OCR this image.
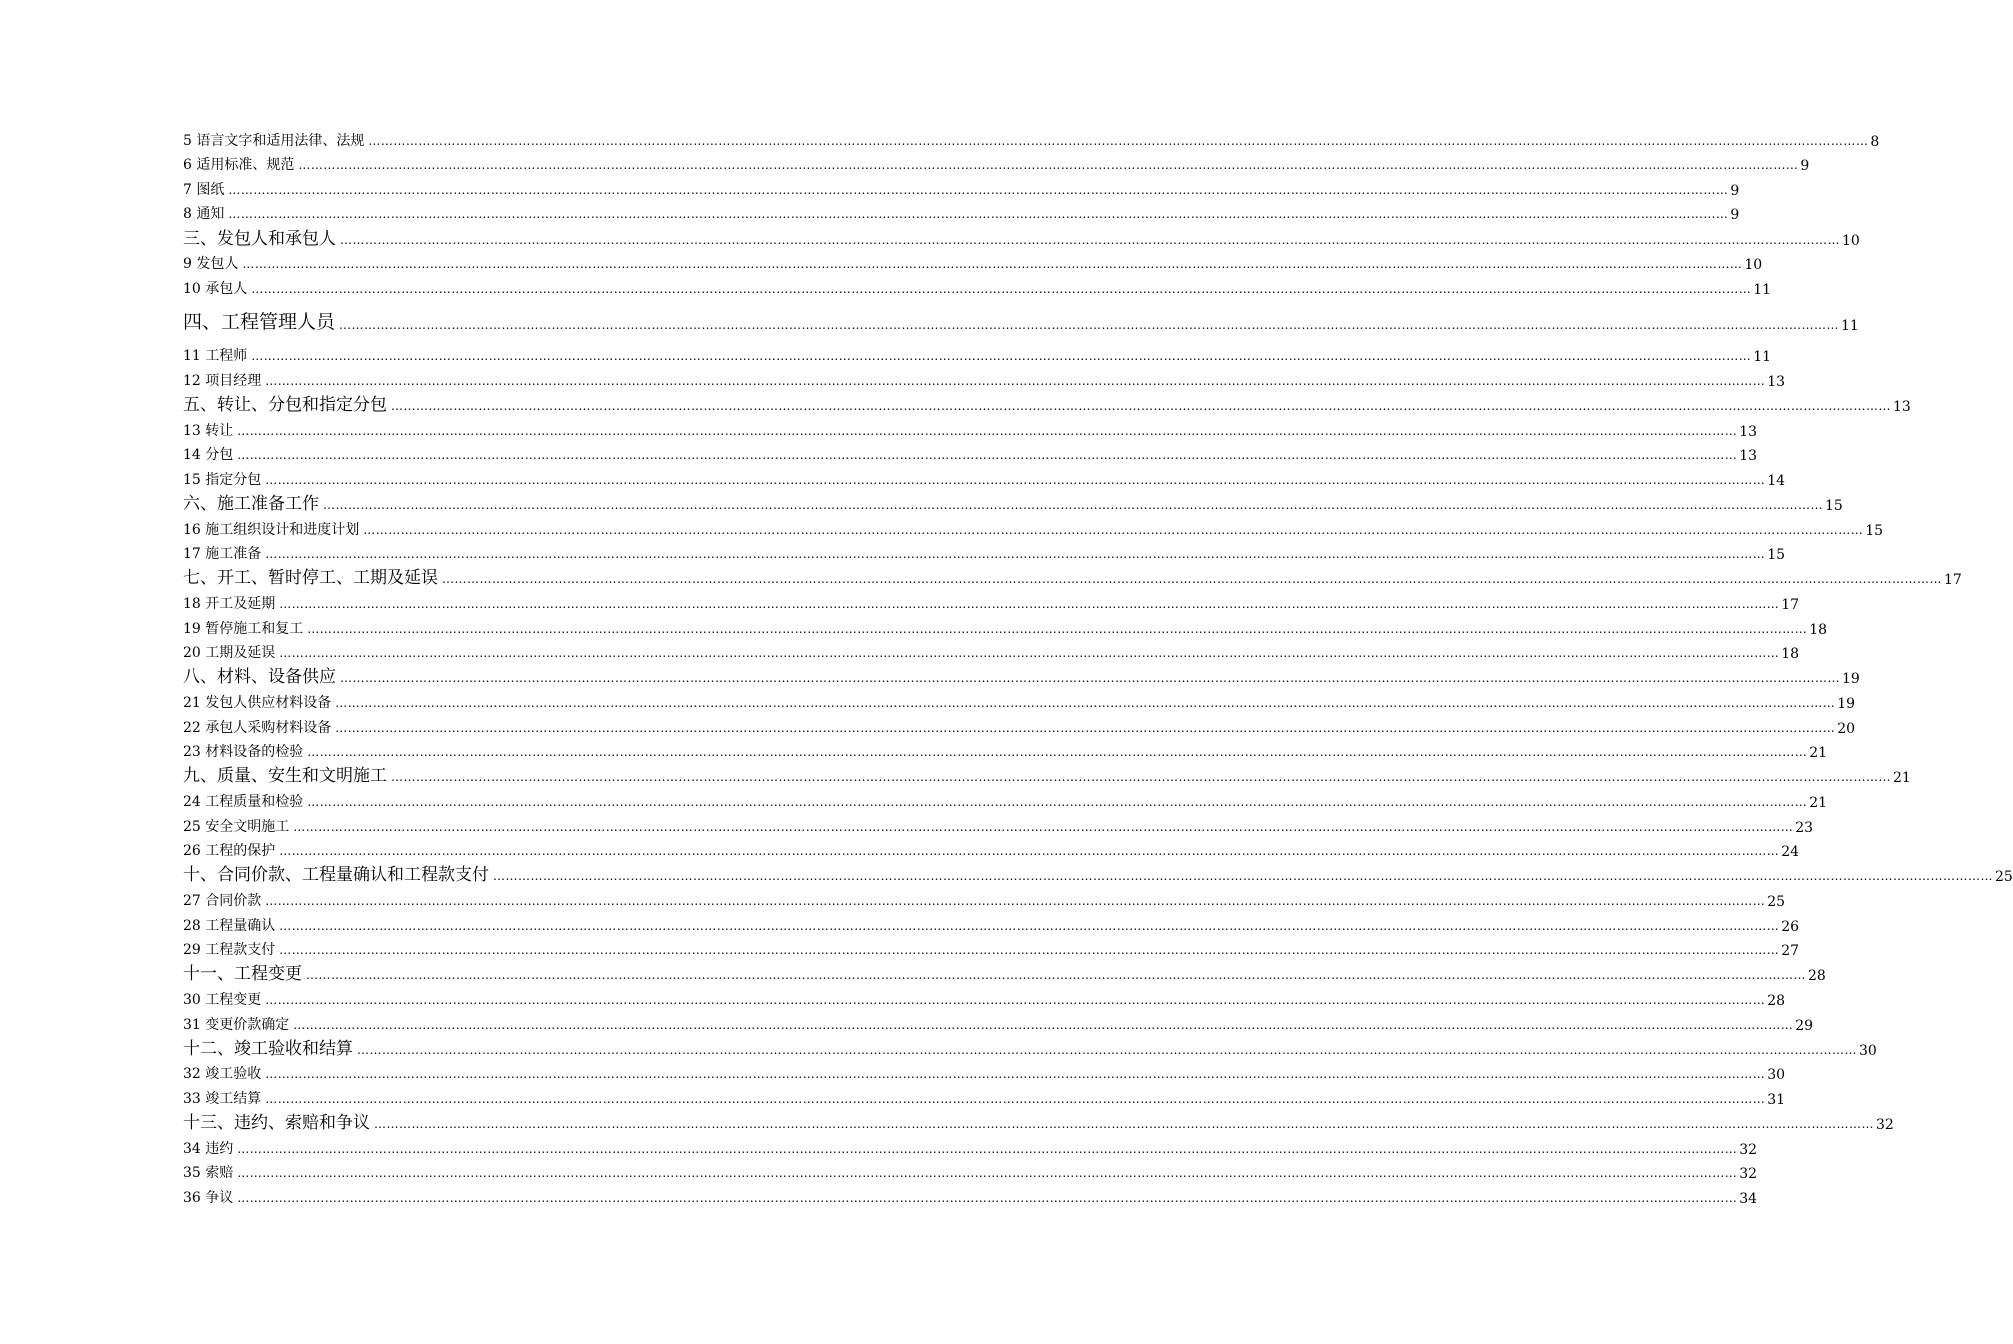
5 语言文字和适用法律、法规 ……………………………………………………………………………………………………………………………………………………………………………………………………………………………………………………………………………………………………………………………… 8
6 适用标准、规范 ……………………………………………………………………………………………………………………………………………………………………………………………………………………………………………………………………………………………………………………………… 9
7 图纸 ……………………………………………………………………………………………………………………………………………………………………………………………………………………………………………………………………………………………………………………………… 9
8 通知 ……………………………………………………………………………………………………………………………………………………………………………………………………………………………………………………………………………………………………………………………… 9
三、发包人和承包人 ……………………………………………………………………………………………………………………………………………………………………………………………………………………………………………………………………………………………………………………………… 10
9 发包人 ……………………………………………………………………………………………………………………………………………………………………………………………………………………………………………………………………………………………………………………………… 10
10 承包人 ……………………………………………………………………………………………………………………………………………………………………………………………………………………………………………………………………………………………………………………………… 11
四、工程管理人员 ……………………………………………………………………………………………………………………………………………………………………………………………………………………………………………………………………………………………………………………………… 11
11 工程师 ……………………………………………………………………………………………………………………………………………………………………………………………………………………………………………………………………………………………………………………………… 11
12 项目经理 ……………………………………………………………………………………………………………………………………………………………………………………………………………………………………………………………………………………………………………………………… 13
五、转让、分包和指定分包 ……………………………………………………………………………………………………………………………………………………………………………………………………………………………………………………………………………………………………………………………… 13
13 转让 ……………………………………………………………………………………………………………………………………………………………………………………………………………………………………………………………………………………………………………………………… 13
14 分包 ……………………………………………………………………………………………………………………………………………………………………………………………………………………………………………………………………………………………………………………………… 13
15 指定分包 ……………………………………………………………………………………………………………………………………………………………………………………………………………………………………………………………………………………………………………………………… 14
六、施工准备工作 ……………………………………………………………………………………………………………………………………………………………………………………………………………………………………………………………………………………………………………………………… 15
16 施工组织设计和进度计划 ……………………………………………………………………………………………………………………………………………………………………………………………………………………………………………………………………………………………………………………………… 15
17 施工准备 ……………………………………………………………………………………………………………………………………………………………………………………………………………………………………………………………………………………………………………………………… 15
七、开工、暂时停工、工期及延误 ……………………………………………………………………………………………………………………………………………………………………………………………………………………………………………………………………………………………………………………………… 17
18 开工及延期 ……………………………………………………………………………………………………………………………………………………………………………………………………………………………………………………………………………………………………………………………… 17
19 暂停施工和复工 ……………………………………………………………………………………………………………………………………………………………………………………………………………………………………………………………………………………………………………………………… 18
20 工期及延误 ……………………………………………………………………………………………………………………………………………………………………………………………………………………………………………………………………………………………………………………………… 18
八、材料、设备供应 ……………………………………………………………………………………………………………………………………………………………………………………………………………………………………………………………………………………………………………………………… 19
21 发包人供应材料设备 ……………………………………………………………………………………………………………………………………………………………………………………………………………………………………………………………………………………………………………………………… 19
22 承包人采购材料设备 ……………………………………………………………………………………………………………………………………………………………………………………………………………………………………………………………………………………………………………………………… 20
23 材料设备的检验 ……………………………………………………………………………………………………………………………………………………………………………………………………………………………………………………………………………………………………………………………… 21
九、质量、安生和文明施工 ……………………………………………………………………………………………………………………………………………………………………………………………………………………………………………………………………………………………………………………………… 21
24 工程质量和检验 ……………………………………………………………………………………………………………………………………………………………………………………………………………………………………………………………………………………………………………………………… 21
25 安全文明施工 ……………………………………………………………………………………………………………………………………………………………………………………………………………………………………………………………………………………………………………………………… 23
26 工程的保护 ……………………………………………………………………………………………………………………………………………………………………………………………………………………………………………………………………………………………………………………………… 24
十、合同价款、工程量确认和工程款支付 ……………………………………………………………………………………………………………………………………………………………………………………………………………………………………………………………………………………………………………………………… 25
27 合同价款 ……………………………………………………………………………………………………………………………………………………………………………………………………………………………………………………………………………………………………………………………… 25
28 工程量确认 ……………………………………………………………………………………………………………………………………………………………………………………………………………………………………………………………………………………………………………………………… 26
29 工程款支付 ……………………………………………………………………………………………………………………………………………………………………………………………………………………………………………………………………………………………………………………………… 27
十一、工程变更 ……………………………………………………………………………………………………………………………………………………………………………………………………………………………………………………………………………………………………………………………… 28
30 工程变更 ……………………………………………………………………………………………………………………………………………………………………………………………………………………………………………………………………………………………………………………………… 28
31 变更价款确定 ……………………………………………………………………………………………………………………………………………………………………………………………………………………………………………………………………………………………………………………………… 29
十二、竣工验收和结算 ……………………………………………………………………………………………………………………………………………………………………………………………………………………………………………………………………………………………………………………………… 30
32 竣工验收 ……………………………………………………………………………………………………………………………………………………………………………………………………………………………………………………………………………………………………………………………… 30
33 竣工结算 ……………………………………………………………………………………………………………………………………………………………………………………………………………………………………………………………………………………………………………………………… 31
十三、违约、索赔和争议 ……………………………………………………………………………………………………………………………………………………………………………………………………………………………………………………………………………………………………………………………… 32
34 违约 ……………………………………………………………………………………………………………………………………………………………………………………………………………………………………………………………………………………………………………………………… 32
35 索赔 ……………………………………………………………………………………………………………………………………………………………………………………………………………………………………………………………………………………………………………………………… 32
36 争议 ……………………………………………………………………………………………………………………………………………………………………………………………………………………………………………………………………………………………………………………………… 34
